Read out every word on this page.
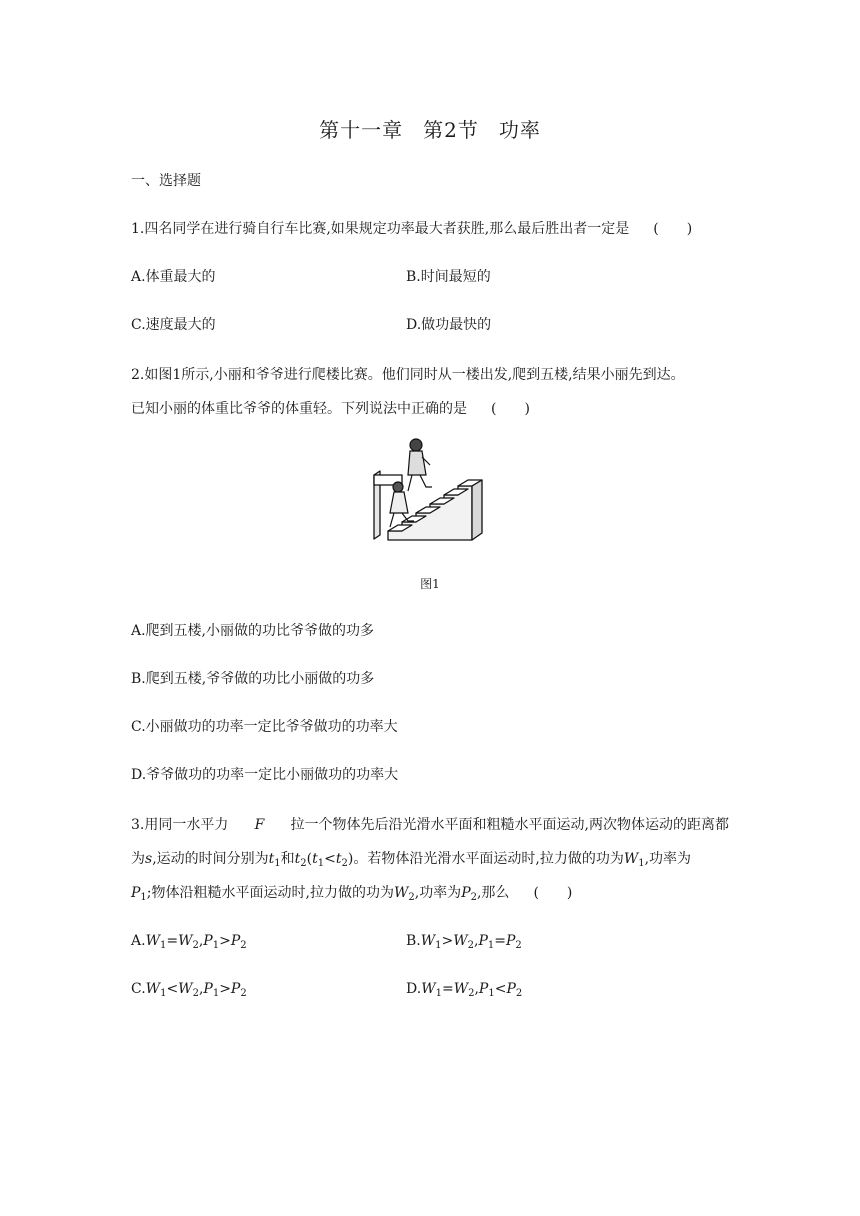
第十一章 第2节 功率
一、选择题
1.四名同学在进行骑自行车比赛,如果规定功率最大者获胜,那么最后胜出者一定是 (　　)
A.体重最大的	B.时间最短的
C.速度最大的	D.做功最快的
2.如图1所示,小丽和爷爷进行爬楼比赛。他们同时从一楼出发,爬到五楼,结果小丽先到达。
已知小丽的体重比爷爷的体重轻。下列说法中正确的是 (　　)
图1
A.爬到五楼,小丽做的功比爷爷做的功多
B.爬到五楼,爷爷做的功比小丽做的功多
C.小丽做功的功率一定比爷爷做功的功率大
D.爷爷做功的功率一定比小丽做功的功率大
3.用同一水平力 F 拉一个物体先后沿光滑水平面和粗糙水平面运动,两次物体运动的距离都
为s,运动的时间分别为$t_1$和$t_2(t_1<t_2)$。若物体沿光滑水平面运动时,拉力做的功为$W_1$,功率为
$P_1$;物体沿粗糙水平面运动时,拉力做的功为$W_2$,功率为$P_2$,那么 (　　)
$A.W_1=W_2,P_1>P_2$	$B.W_1>W_2,P_1=P_2$
$C.W_1<W_2,P_1>P_2$	$D.W_1=W_2,P_1<P_2$
